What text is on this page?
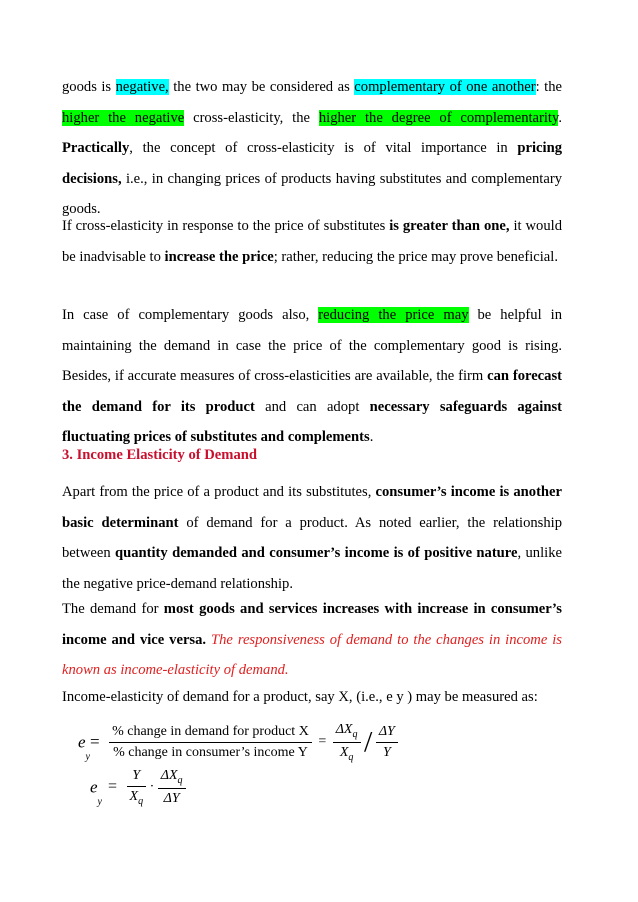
goods is negative, the two may be considered as complementary of one another: the higher the negative cross-elasticity, the higher the degree of complementarity. Practically, the concept of cross-elasticity is of vital importance in pricing decisions, i.e., in changing prices of products having substitutes and complementary goods.

If cross-elasticity in response to the price of substitutes is greater than one, it would be inadvisable to increase the price; rather, reducing the price may prove beneficial.

In case of complementary goods also, reducing the price may be helpful in maintaining the demand in case the price of the complementary good is rising. Besides, if accurate measures of cross-elasticities are available, the firm can forecast the demand for its product and can adopt necessary safeguards against fluctuating prices of substitutes and complements.

3. Income Elasticity of Demand

Apart from the price of a product and its substitutes, consumer’s income is another basic determinant of demand for a product. As noted earlier, the relationship between quantity demanded and consumer’s income is of positive nature, unlike the negative price-demand relationship.

The demand for most goods and services increases with increase in consumer’s income and vice versa. The responsiveness of demand to the changes in income is known as income-elasticity of demand.

Income-elasticity of demand for a product, say X, (i.e., e y ) may be measured as:

$e_y= \frac{\text{\% change in demand for product X}}{\text{\% change in consumer’s income Y}} = \frac{\Delta X_q}{X_q} / \frac{\Delta Y}{Y}$
$e_y= \frac{Y}{X_q} \cdot \frac{\Delta X_q}{\Delta Y}$
